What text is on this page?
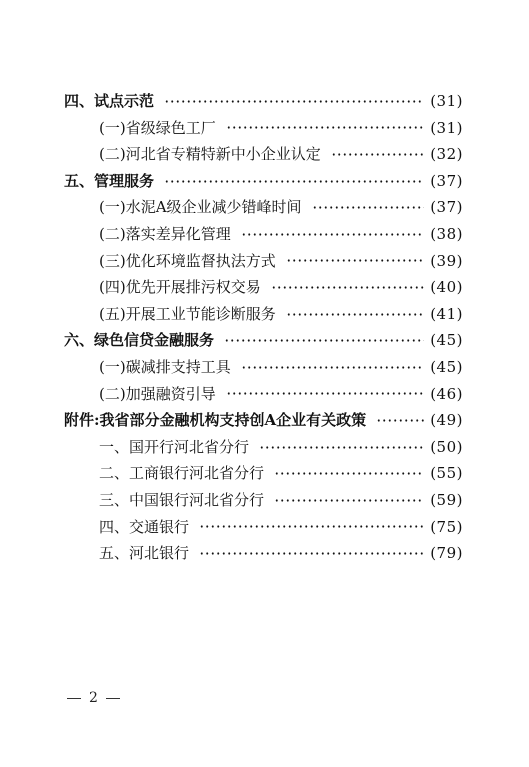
四、试点示范	(31)
(一)省级绿色工厂	(31)
(二)河北省专精特新中小企业认定	(32)
五、管理服务	(37)
(一)水泥A级企业减少错峰时间	(37)
(二)落实差异化管理	(38)
(三)优化环境监督执法方式	(39)
(四)优先开展排污权交易	(40)
(五)开展工业节能诊断服务	(41)
六、绿色信贷金融服务	(45)
(一)碳减排支持工具	(45)
(二)加强融资引导	(46)
附件:我省部分金融机构支持创A企业有关政策	(49)
一、国开行河北省分行	(50)
二、工商银行河北省分行	(55)
三、中国银行河北省分行	(59)
四、交通银行	(75)
五、河北银行	(79)
2
